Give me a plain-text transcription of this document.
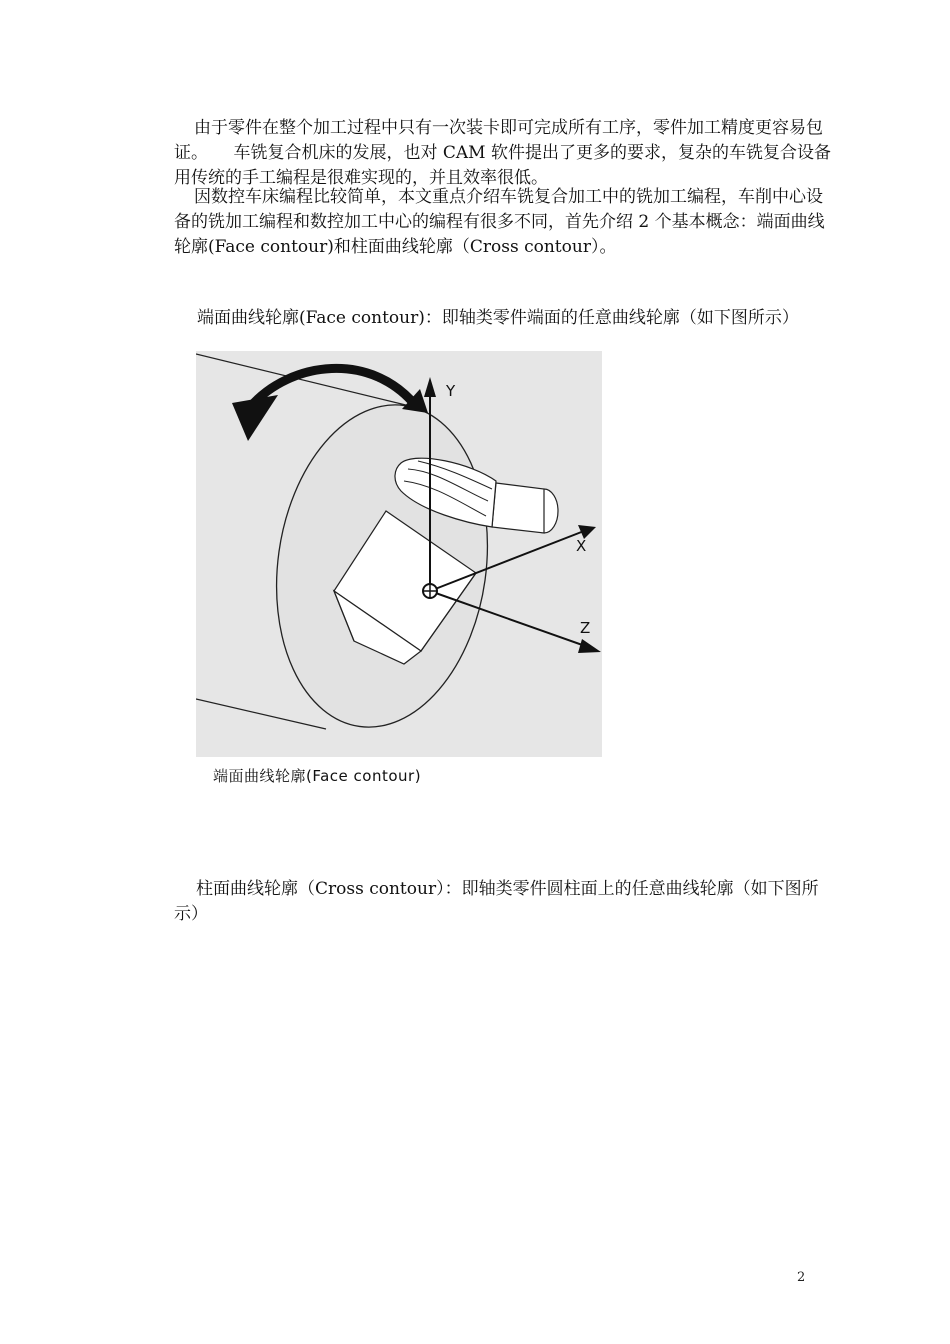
由于零件在整个加工过程中只有一次装卡即可完成所有工序，零件加工精度更容易包证。　　车铣复合机床的发展，也对 CAM 软件提出了更多的要求，复杂的车铣复合设备用传统的手工编程是很难实现的，并且效率很低。

因数控车床编程比较简单，本文重点介绍车铣复合加工中的铣加工编程，车削中心设备的铣加工编程和数控加工中心的编程有很多不同，首先介绍 2 个基本概念：端面曲线轮廓(Face contour)和柱面曲线轮廓（Cross contour）。

端面曲线轮廓(Face contour)：即轴类零件端面的任意曲线轮廓（如下图所示）

Y
X
Z
端面曲线轮廓(Face contour)

柱面曲线轮廓（Cross contour）：即轴类零件圆柱面上的任意曲线轮廓（如下图所示）

2
